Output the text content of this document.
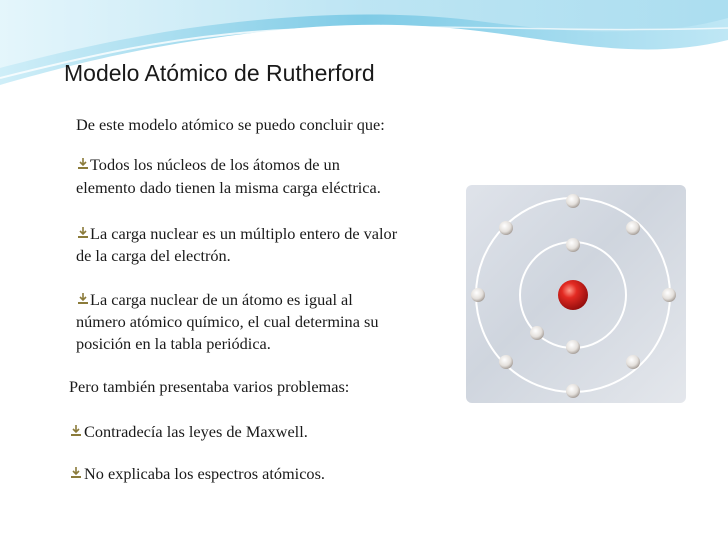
Modelo Atómico de Rutherford
De este modelo atómico se puedo concluir que:
Todos los núcleos de los átomos de un
elemento dado tienen la misma carga eléctrica.
La carga nuclear es un múltiplo entero de valor
de la carga del electrón.
La carga nuclear de un átomo es igual al
número atómico químico, el cual determina su
posición en la tabla periódica.
Pero también presentaba varios problemas:
Contradecía las leyes de Maxwell.
No explicaba los espectros atómicos.
